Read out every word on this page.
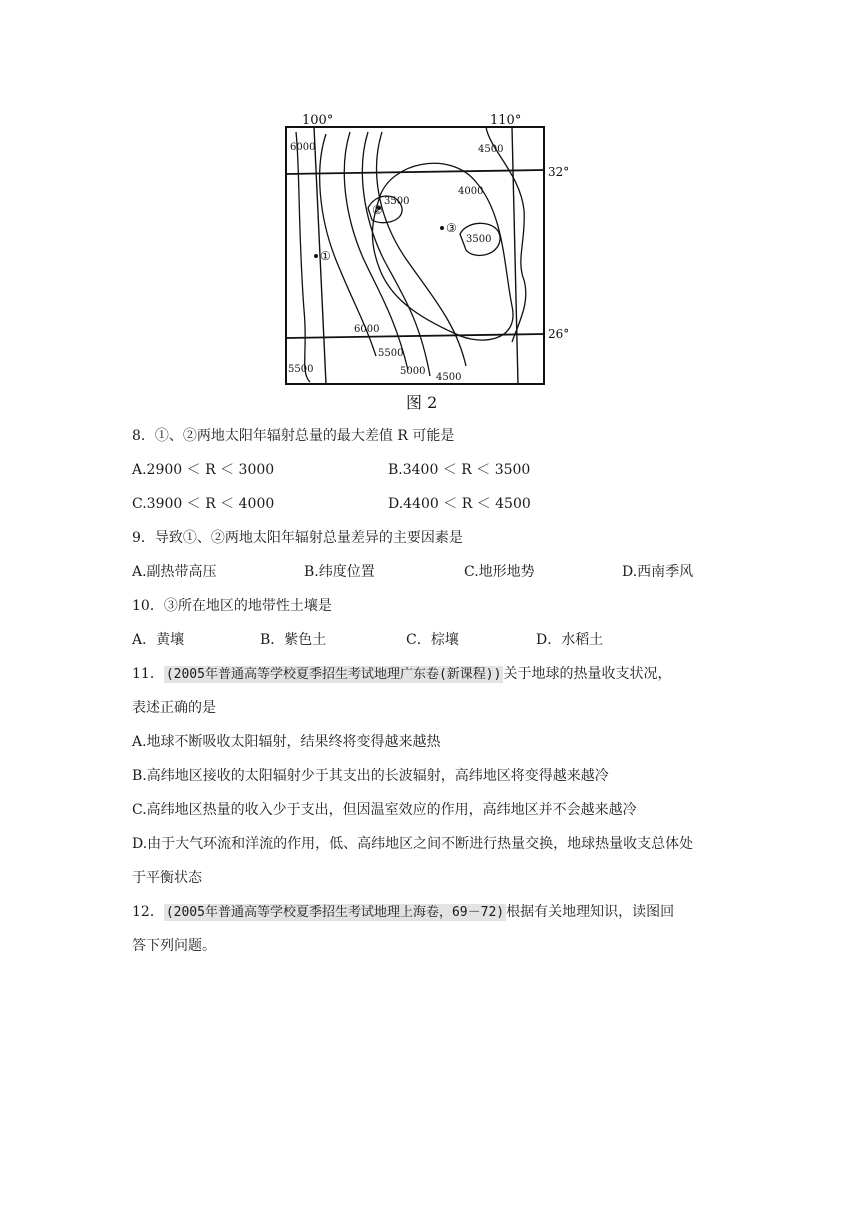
100°	110°
32°
26°
6000	4500
4000
3500
3500
6000
5500
5000
4500
5500
①
②
③
图 2
8．①、②两地太阳年辐射总量的最大差值 R 可能是
A.2900 ＜ R ＜ 3000	B.3400 ＜ R ＜ 3500
C.3900 ＜ R ＜ 4000	D.4400 ＜ R ＜ 4500
9．导致①、②两地太阳年辐射总量差异的主要因素是
A.副热带高压	B.纬度位置	C.地形地势	D.西南季风
10．③所在地区的地带性土壤是
A．黄壤	B．紫色土	C．棕壤	D．水稻土
11． (2005年普通高等学校夏季招生考试地理广东卷(新课程)) 关于地球的热量收支状况，
表述正确的是
A.地球不断吸收太阳辐射，结果终将变得越来越热
B.高纬地区接收的太阳辐射少于其支出的长波辐射，高纬地区将变得越来越冷
C.高纬地区热量的收入少于支出，但因温室效应的作用，高纬地区并不会越来越冷
D.由于大气环流和洋流的作用，低、高纬地区之间不断进行热量交换，地球热量收支总体处
于平衡状态
12． (2005年普通高等学校夏季招生考试地理上海卷，69－72) 根据有关地理知识，读图回
答下列问题。
